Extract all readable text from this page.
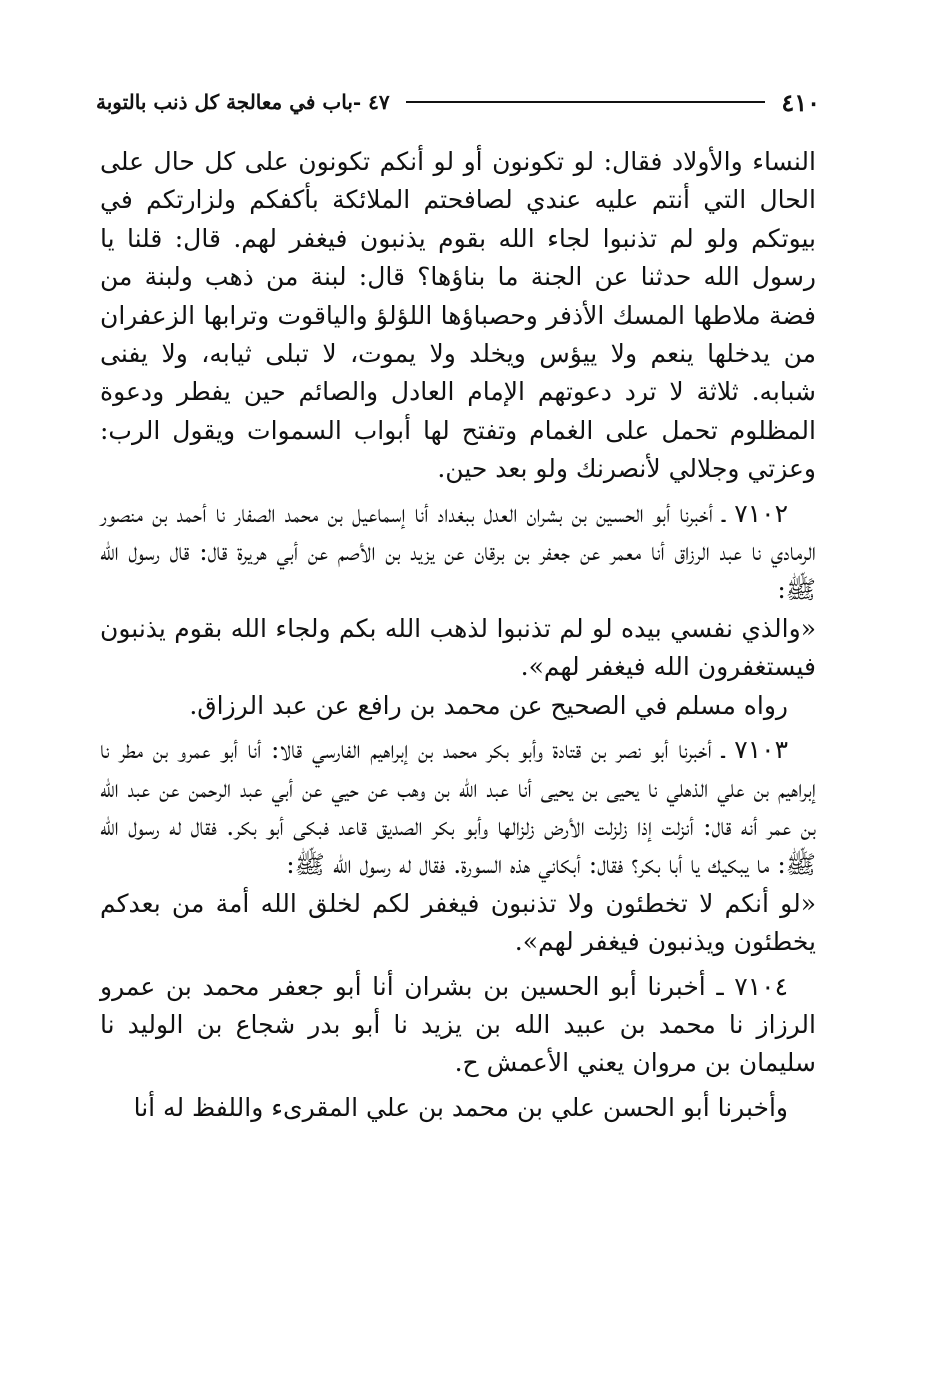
٤١٠
٤٧ -باب في معالجة كل ذنب بالتوبة

النساء والأولاد فقال: لو تكونون أو لو أنكم تكونون على كل حال على الحال التي أنتم عليه عندي لصافحتم الملائكة بأكفكم ولزارتكم في بيوتكم ولو لم تذنبوا لجاء الله بقوم يذنبون فيغفر لهم. قال: قلنا يا رسول الله حدثنا عن الجنة ما بناؤها؟ قال: لبنة من ذهب ولبنة من فضة ملاطها المسك الأذفر وحصباؤها اللؤلؤ والياقوت وترابها الزعفران من يدخلها ينعم ولا ييؤس ويخلد ولا يموت، لا تبلى ثيابه، ولا يفنى شبابه. ثلاثة لا ترد دعوتهم الإمام العادل والصائم حين يفطر ودعوة المظلوم تحمل على الغمام وتفتح لها أبواب السموات ويقول الرب: وعزتي وجلالي لأنصرنك ولو بعد حين.

٧١٠٢ ـ أخبرنا أبو الحسين بن بشران العدل ببغداد أنا إسماعيل بن محمد الصفار نا أحمد بن منصور الرمادي نا عبد الرزاق أنا معمر عن جعفر بن برقان عن يزيد بن الأصم عن أبي هريرة قال: قال رسول الله ﷺ:

«والذي نفسي بيده لو لم تذنبوا لذهب الله بكم ولجاء الله بقوم يذنبون فيستغفرون الله فيغفر لهم».

رواه مسلم في الصحيح عن محمد بن رافع عن عبد الرزاق.

٧١٠٣ ـ أخبرنا أبو نصر بن قتادة وأبو بكر محمد بن إبراهيم الفارسي قالا: أنا أبو عمرو بن مطر نا إبراهيم بن علي الذهلي نا يحيى بن يحيى أنا عبد الله بن وهب عن حيي عن أبي عبد الرحمن عن عبد الله بن عمر أنه قال: أنزلت إذا زلزلت الأرض زلزالها وأبو بكر الصديق قاعد فبكى أبو بكر. فقال له رسول الله ﷺ: ما يبكيك يا أبا بكر؟ فقال: أبكاني هذه السورة. فقال له رسول الله ﷺ:

«لو أنكم لا تخطئون ولا تذنبون فيغفر لكم لخلق الله أمة من بعدكم يخطئون ويذنبون فيغفر لهم».

٧١٠٤ ـ أخبرنا أبو الحسين بن بشران أنا أبو جعفر محمد بن عمرو الرزاز نا محمد بن عبيد الله بن يزيد نا أبو بدر شجاع بن الوليد نا سليمان بن مروان يعني الأعمش ح.

وأخبرنا أبو الحسن علي بن محمد بن علي المقرىء واللفظ له أنا
